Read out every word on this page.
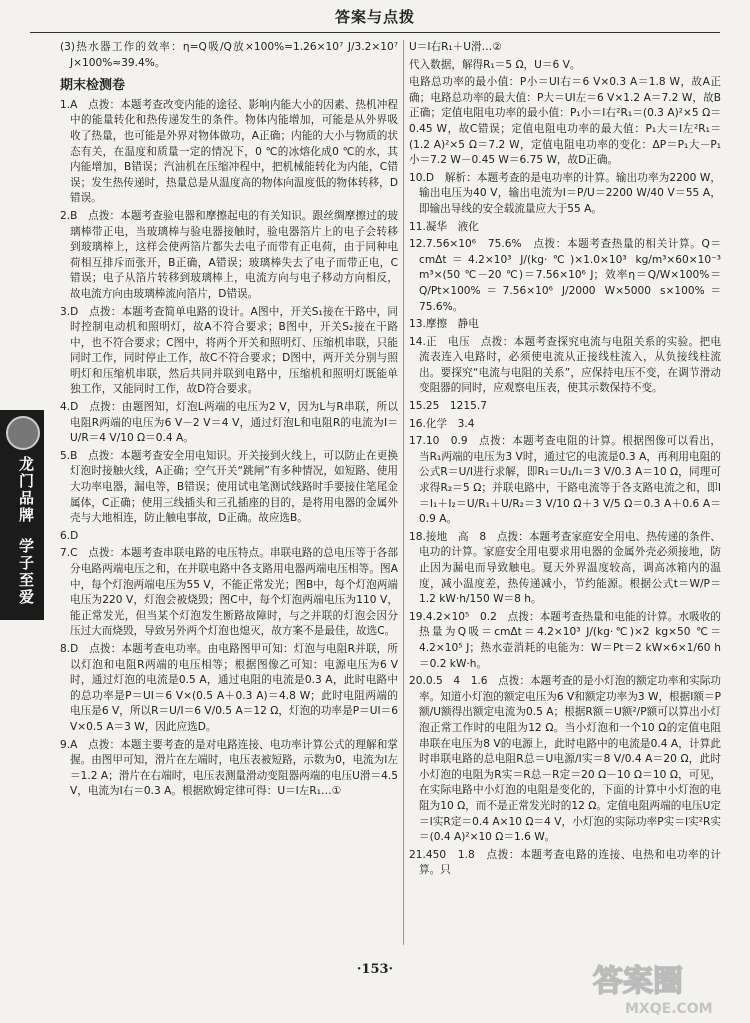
答案与点拨

(3)热水器工作的效率：η=Q吸/Q放×100%=1.26×10⁷ J/3.2×10⁷ J×100%≈39.4%。

期末检测卷

1.A　点拨：本题考查改变内能的途径、影响内能大小的因素、热机冲程中的能量转化和热传递发生的条件。物体内能增加，可能是从外界吸收了热量，也可能是外界对物体做功，A正确；内能的大小与物质的状态有关，在温度和质量一定的情况下，0 ℃的冰熔化成0 ℃的水，其内能增加，B错误；汽油机在压缩冲程中，把机械能转化为内能，C错误；发生热传递时，热量总是从温度高的物体向温度低的物体转移，D错误。

2.B　点拨：本题考查验电器和摩擦起电的有关知识。跟丝绸摩擦过的玻璃棒带正电，当玻璃棒与验电器接触时，验电器箔片上的电子会转移到玻璃棒上，这样会使两箔片都失去电子而带有正电荷，由于同种电荷相互排斥而张开，B正确，A错误；玻璃棒失去了电子而带正电，C错误；电子从箔片转移到玻璃棒上，电流方向与电子移动方向相反，故电流方向由玻璃棒流向箔片，D错误。

3.D　点拨：本题考查简单电路的设计。A图中，开关S₁接在干路中，同时控制电动机和照明灯，故A不符合要求；B图中，开关S₂接在干路中，也不符合要求；C图中，将两个开关和照明灯、压缩机串联，只能同时工作，同时停止工作，故C不符合要求；D图中，两开关分别与照明灯和压缩机串联，然后共同并联到电路中，压缩机和照明灯既能单独工作，又能同时工作，故D符合要求。

4.D　点拨：由题图知，灯泡L两端的电压为2 V，因为L与R串联，所以电阻R两端的电压为6 V－2 V＝4 V，通过灯泡L和电阻R的电流为I＝U/R＝4 V/10 Ω＝0.4 A。

5.B　点拨：本题考查安全用电知识。开关接到火线上，可以防止在更换灯泡时接触火线，A正确；空气开关“跳闸”有多种情况，如短路、使用大功率电器，漏电等，B错误；使用试电笔测试线路时手要接住笔尾金属体，C正确；使用三线插头和三孔插座的目的，是将用电器的金属外壳与大地相连，防止触电事故，D正确。故应选B。

6.D

7.C　点拨：本题考查串联电路的电压特点。串联电路的总电压等于各部分电路两端电压之和，在并联电路中各支路用电器两端电压相等。图A中，每个灯泡两端电压为55 V，不能正常发光；图B中，每个灯泡两端电压为220 V，灯泡会被烧毁；图C中，每个灯泡两端电压为110 V，能正常发光，但当某个灯泡发生断路故障时，与之并联的灯泡会因分压过大而烧毁，导致另外两个灯泡也熄灭，故方案不是最佳，故选C。

8.D　点拨：本题考查电功率。由电路图甲可知：灯泡与电阻R并联，所以灯泡和电阻R两端的电压相等；根据图像乙可知：电源电压为6 V时，通过灯泡的电流是0.5 A，通过电阻的电流是0.3 A，此时电路中的总功率是P＝UI＝6 V×(0.5 A＋0.3 A)＝4.8 W；此时电阻两端的电压是6 V，所以R＝U/I＝6 V/0.5 A＝12 Ω，灯泡的功率是P＝UI＝6 V×0.5 A＝3 W，因此应选D。

9.A　点拨：本题主要考查的是对电路连接、电功率计算公式的理解和掌握。由图甲可知，滑片在左端时，电压表被短路，示数为0，电流为I左＝1.2 A；滑片在右端时，电压表测量滑动变阻器两端的电压U滑＝4.5 V，电流为I右＝0.3 A。根据欧姆定律可得：U＝I左R₁…①

U＝I右R₁＋U滑…②

代入数据，解得R₁＝5 Ω，U＝6 V。

电路总功率的最小值：P小＝UI右＝6 V×0.3 A＝1.8 W，故A正确；电路总功率的最大值：P大＝UI左＝6 V×1.2 A＝7.2 W，故B正确；定值电阻电功率的最小值：P₁小＝I右²R₁＝(0.3 A)²×5 Ω＝0.45 W，故C错误；定值电阻电功率的最大值：P₁大＝I左²R₁＝(1.2 A)²×5 Ω＝7.2 W，定值电阻电功率的变化：ΔP＝P₁大－P₁小＝7.2 W－0.45 W＝6.75 W，故D正确。

10.D　解析：本题考查的是电功率的计算。输出功率为2200 W，输出电压为40 V，输出电流为I＝P/U＝2200 W/40 V＝55 A，即输出导线的安全载流量应大于55 A。

11.凝华　液化

12.7.56×10⁶　75.6%　点拨：本题考查热量的相关计算。Q＝cmΔt＝4.2×10³ J/(kg·℃)×1.0×10³ kg/m³×60×10⁻³ m³×(50 ℃－20 ℃)＝7.56×10⁶ J；效率η＝Q/W×100%＝Q/Pt×100%＝7.56×10⁶ J/2000 W×5000 s×100%＝75.6%。

13.摩擦　静电

14.正　电压　点拨：本题考查探究电流与电阻关系的实验。把电流表连入电路时，必须使电流从正接线柱流入，从负接线柱流出。要探究“电流与电阻的关系”，应保持电压不变，在调节滑动变阻器的同时，应观察电压表，使其示数保持不变。

15.25　1215.7

16.化学　3.4

17.10　0.9　点拨：本题考查电阻的计算。根据图像可以看出，当R₁两端的电压为3 V时，通过它的电流是0.3 A，再利用电阻的公式R＝U/I进行求解，即R₁＝U₁/I₁＝3 V/0.3 A＝10 Ω，同理可求得R₂＝5 Ω；并联电路中，干路电流等于各支路电流之和，即I＝I₁＋I₂＝U/R₁＋U/R₂＝3 V/10 Ω＋3 V/5 Ω＝0.3 A＋0.6 A＝0.9 A。

18.接地　高　8　点拨：本题考查家庭安全用电、热传递的条件、电功的计算。家庭安全用电要求用电器的金属外壳必须接地，防止因为漏电而导致触电。夏天外界温度较高，调高冰箱内的温度，减小温度差，热传递减小，节约能源。根据公式t＝W/P＝1.2 kW·h/150 W＝8 h。

19.4.2×10⁵　0.2　点拨：本题考查热量和电能的计算。水吸收的热量为Q吸＝cmΔt＝4.2×10³ J/(kg·℃)×2 kg×50 ℃＝4.2×10⁵ J；热水壶消耗的电能为：W＝Pt＝2 kW×6×1/60 h＝0.2 kW·h。

20.0.5　4　1.6　点拨：本题考查的是小灯泡的额定功率和实际功率。知道小灯泡的额定电压为6 V和额定功率为3 W，根据I额＝P额/U额得出额定电流为0.5 A；根据R额＝U额²/P额可以算出小灯泡正常工作时的电阻为12 Ω。当小灯泡和一个10 Ω的定值电阻串联在电压为8 V的电源上，此时电路中的电流是0.4 A，计算此时串联电路的总电阻R总＝U电源/I实＝8 V/0.4 A＝20 Ω，此时小灯泡的电阻为R实＝R总－R定＝20 Ω－10 Ω＝10 Ω，可见，在实际电路中小灯泡的电阻是变化的，下面的计算中小灯泡的电阻为10 Ω，而不是正常发光时的12 Ω。定值电阻两端的电压U定＝I实R定＝0.4 A×10 Ω＝4 V，小灯泡的实际功率P实＝I实²R实＝(0.4 A)²×10 Ω＝1.6 W。

21.450　1.8　点拨：本题考查电路的连接、电热和电功率的计算。只

龙门品牌
学子至爱
·153·	答案圈
MXQE.COM
